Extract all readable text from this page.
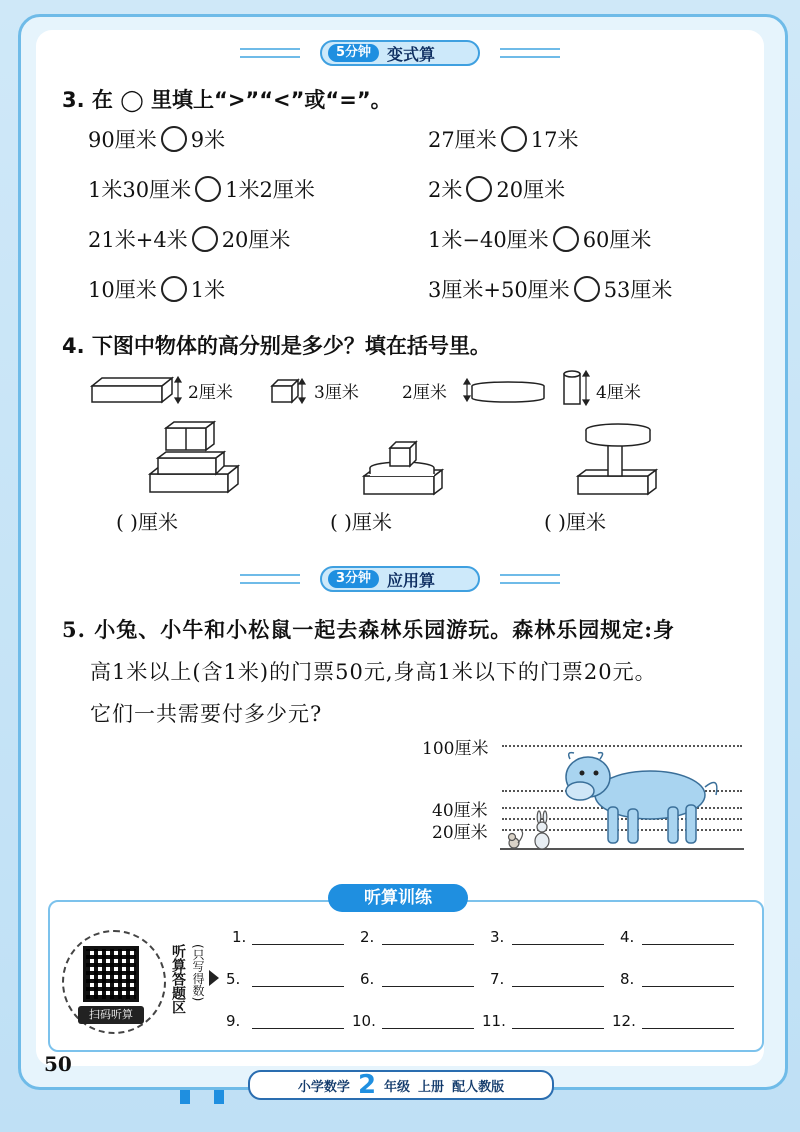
5分钟	变式算
3. 在 ◯ 里填上“>”“<”或“=”。
90厘米 9米	27厘米 17米
1米30厘米 1米2厘米	2米 20厘米
21米+4米 20厘米	1米−40厘米 60厘米
10厘米 1米	3厘米+50厘米 53厘米
4. 下图中物体的高分别是多少？填在括号里。
2厘米	3厘米	2厘米	4厘米
( )厘米	( )厘米	( )厘米
3分钟	应用算
5. 小兔、小牛和小松鼠一起去森林乐园游玩。森林乐园规定:身
高1米以上(含1米)的门票50元,身高1米以下的门票20元。
它们一共需要付多少元?
100厘米
40厘米
20厘米
听算训练
扫码听算
听算答题区 (只写得数)
1.	2.	3.	4.
5.	6.	7.	8.
9.	10.	11.	12.
50
小学数学 2 年级 上册 配人教版
